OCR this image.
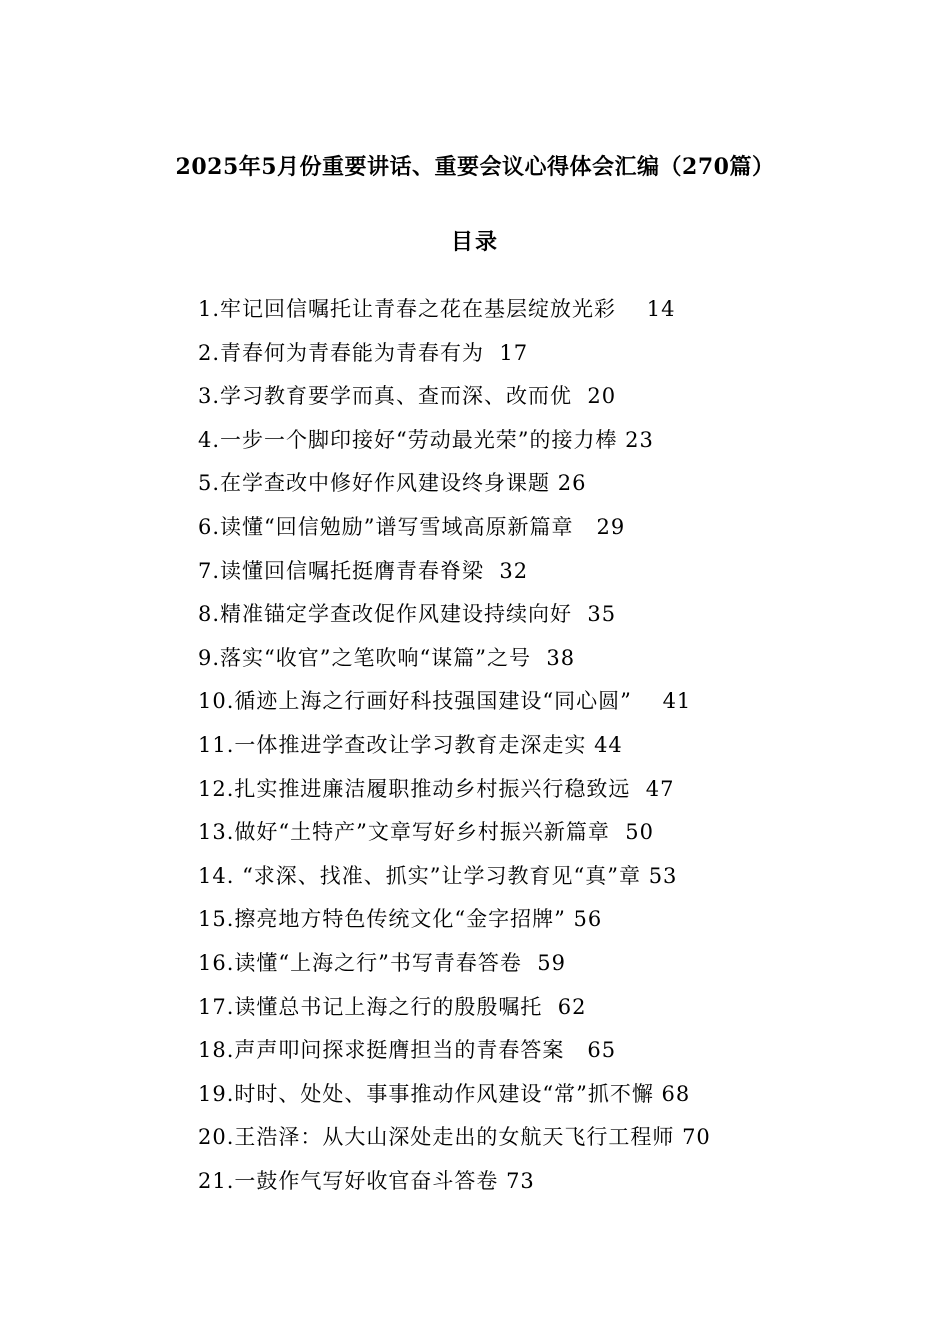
2025年5月份重要讲话、重要会议心得体会汇编（270篇）
目录
1.牢记回信嘱托让青春之花在基层绽放光彩    14
2.青春何为青春能为青春有为  17
3.学习教育要学而真、查而深、改而优  20
4.一步一个脚印接好“劳动最光荣”的接力棒 23
5.在学查改中修好作风建设终身课题 26
6.读懂“回信勉励”谱写雪域高原新篇章   29
7.读懂回信嘱托挺膺青春脊梁  32
8.精准锚定学查改促作风建设持续向好  35
9.落实“收官”之笔吹响“谋篇”之号  38
10.循迹上海之行画好科技强国建设“同心圆”    41
11.一体推进学查改让学习教育走深走实 44
12.扎实推进廉洁履职推动乡村振兴行稳致远  47
13.做好“土特产”文章写好乡村振兴新篇章  50
14. “求深、找准、抓实”让学习教育见“真”章 53
15.擦亮地方特色传统文化“金字招牌” 56
16.读懂“上海之行”书写青春答卷  59
17.读懂总书记上海之行的殷殷嘱托  62
18.声声叩问探求挺膺担当的青春答案   65
19.时时、处处、事事推动作风建设“常”抓不懈 68
20.王浩泽：从大山深处走出的女航天飞行工程师 70
21.一鼓作气写好收官奋斗答卷 73
